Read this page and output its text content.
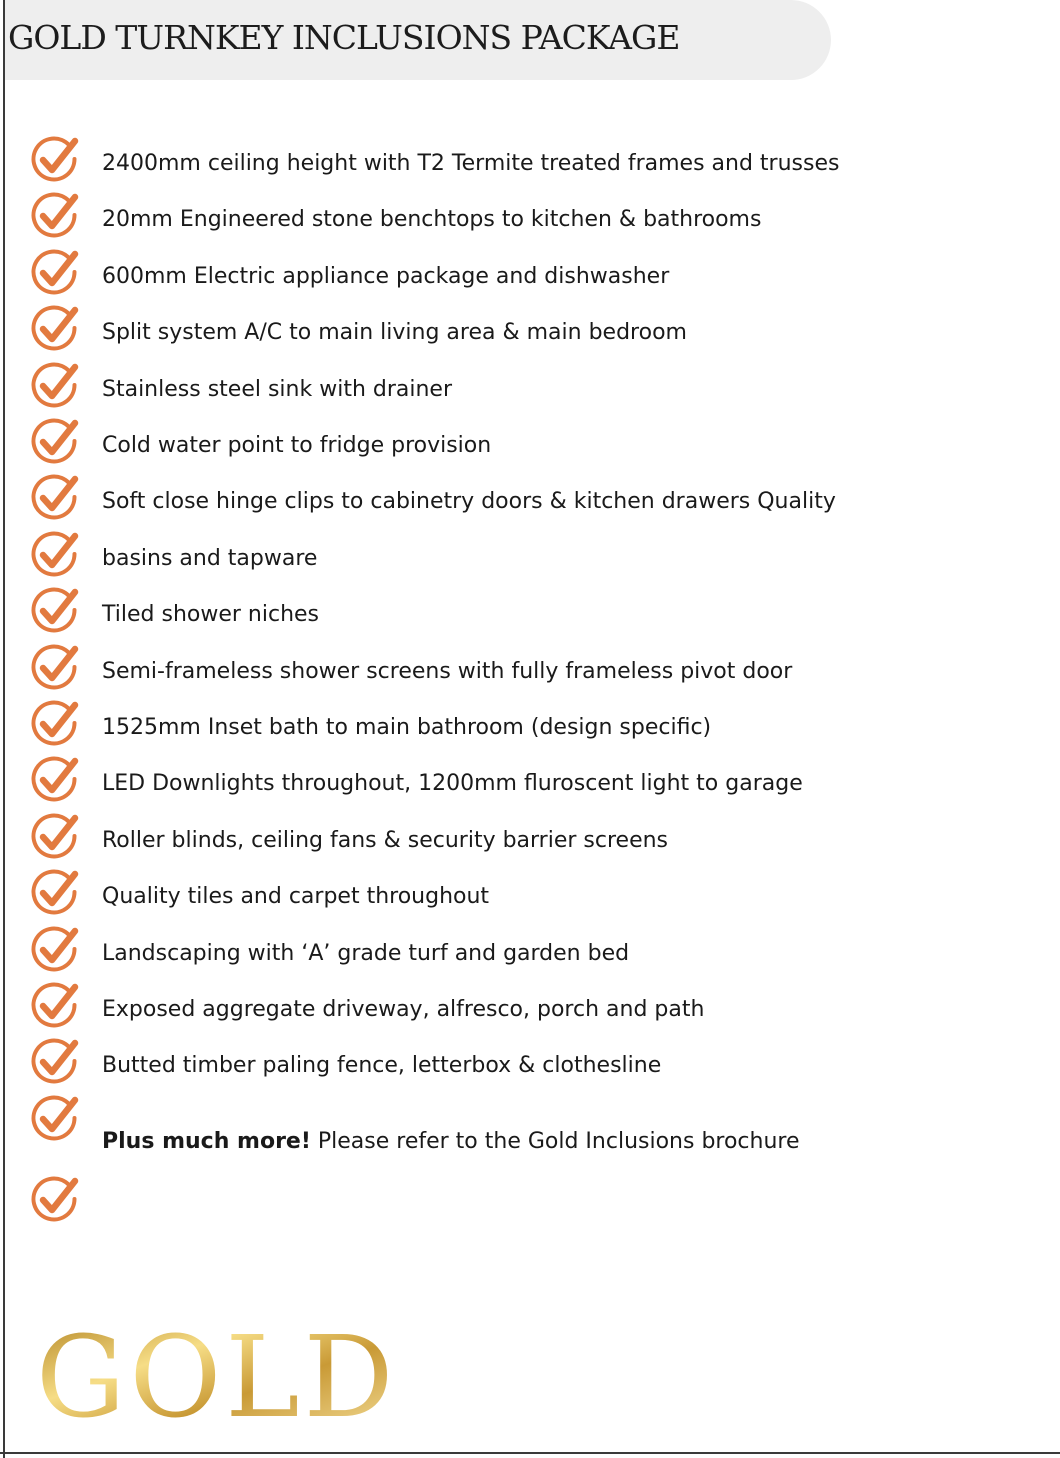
GOLD TURNKEY INCLUSIONS PACKAGE
2400mm ceiling height with T2 Termite treated frames and trusses
20mm Engineered stone benchtops to kitchen & bathrooms
600mm Electric appliance package and dishwasher
Split system A/C to main living area & main bedroom
Stainless steel sink with drainer
Cold water point to fridge provision
Soft close hinge clips to cabinetry doors & kitchen drawers Quality
basins and tapware
Tiled shower niches
Semi-frameless shower screens with fully frameless pivot door
1525mm Inset bath to main bathroom (design specific)
LED Downlights throughout, 1200mm fluroscent light to garage
Roller blinds, ceiling fans & security barrier screens
Quality tiles and carpet throughout
Landscaping with ‘A’ grade turf and garden bed
Exposed aggregate driveway, alfresco, porch and path
Butted timber paling fence, letterbox & clothesline
Plus much more! Please refer to the Gold Inclusions brochure
GOLD
